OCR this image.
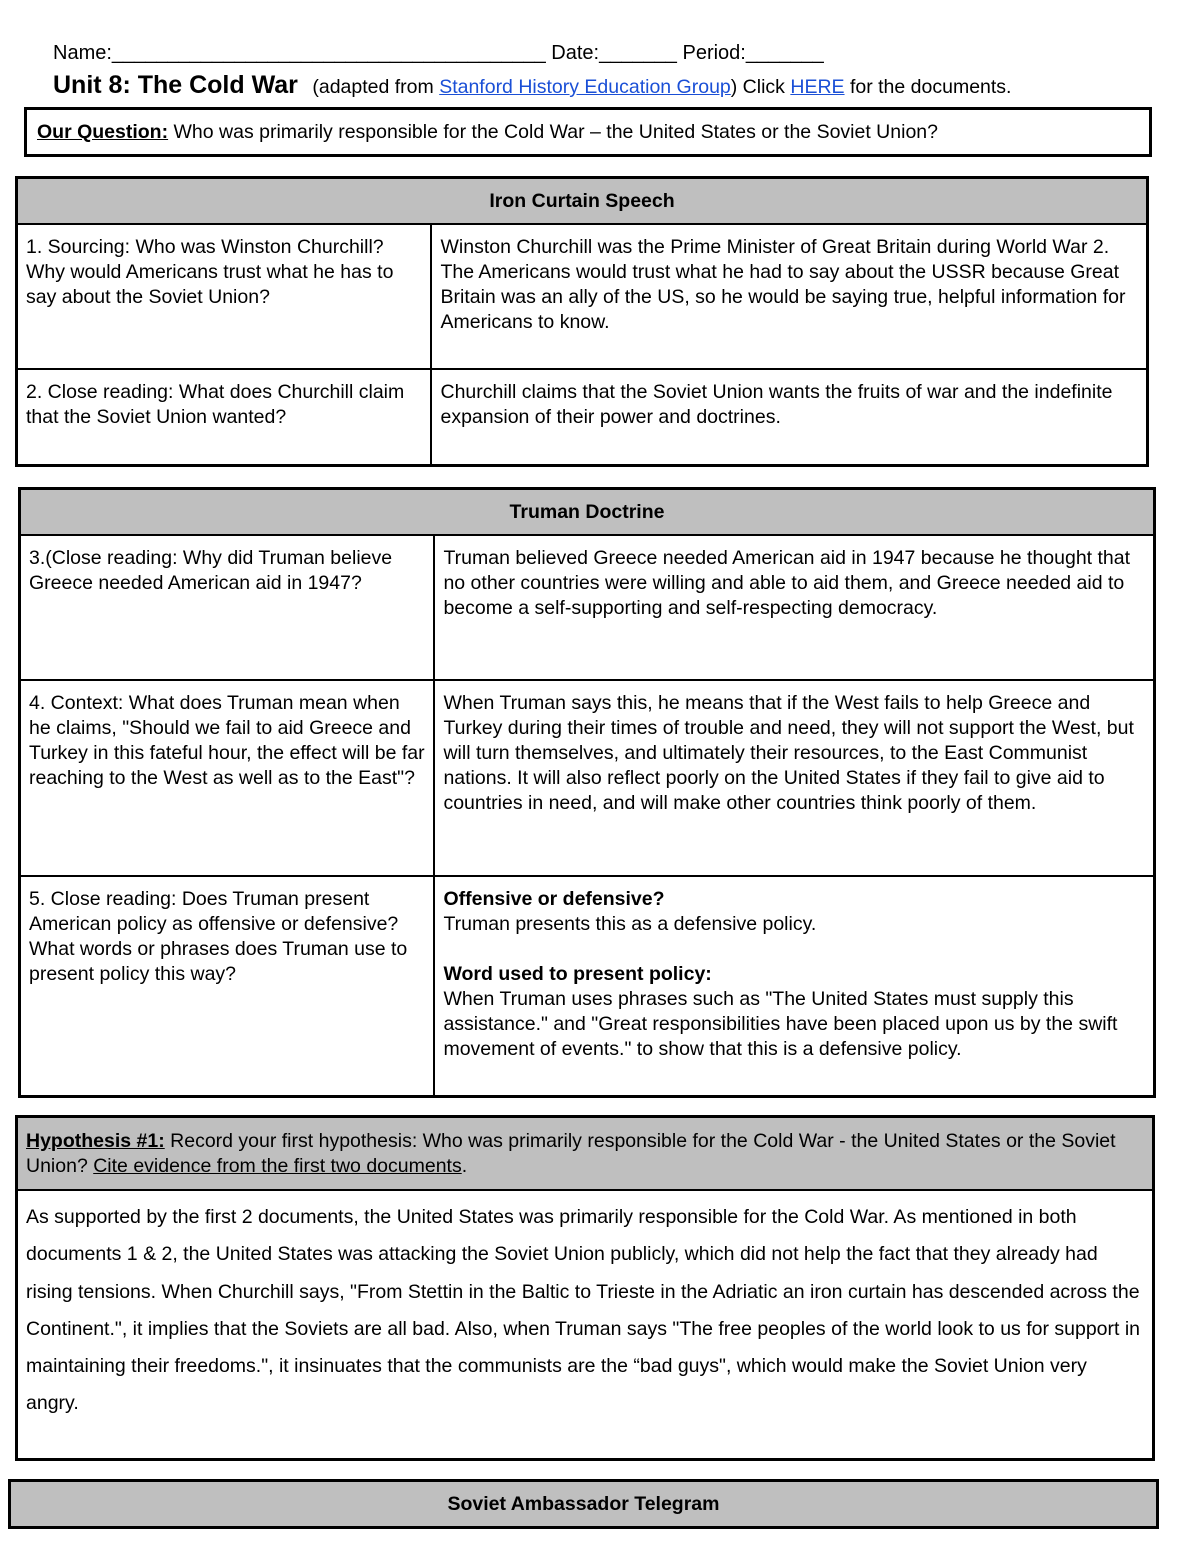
Name:_______________________________________ Date:_______ Period:_______
Unit 8: The Cold War (adapted from Stanford History Education Group) Click HERE for the documents.
Our Question: Who was primarily responsible for the Cold War – the United States or the Soviet Union?
Iron Curtain Speech	
1. Sourcing: Who was Winston Churchill? Why would Americans trust what he has to say about the Soviet Union?	Winston Churchill was the Prime Minister of Great Britain during World War 2. The Americans would trust what he had to say about the USSR because Great Britain was an ally of the US, so he would be saying true, helpful information for Americans to know.
2. Close reading: What does Churchill claim that the Soviet Union wanted?	Churchill claims that the Soviet Union wants the fruits of war and the indefinite expansion of their power and doctrines.
Truman Doctrine	
3.(Close reading: Why did Truman believe Greece needed American aid in 1947?	Truman believed Greece needed American aid in 1947 because he thought that no other countries were willing and able to aid them, and Greece needed aid to become a self-supporting and self-respecting democracy.
4. Context: What does Truman mean when he claims, "Should we fail to aid Greece and Turkey in this fateful hour, the effect will be far reaching to the West as well as to the East"?	When Truman says this, he means that if the West fails to help Greece and Turkey during their times of trouble and need, they will not support the West, but will turn themselves, and ultimately their resources, to the East Communist nations. It will also reflect poorly on the United States if they fail to give aid to countries in need, and will make other countries think poorly of them.
5. Close reading: Does Truman present American policy as offensive or defensive? What words or phrases does Truman use to present policy this way?	Offensive or defensive?
Truman presents this as a defensive policy.
Word used to present policy:
When Truman uses phrases such as "The United States must supply this assistance." and "Great responsibilities have been placed upon us by the swift movement of events." to show that this is a defensive policy.
Hypothesis #1: Record your first hypothesis: Who was primarily responsible for the Cold War - the United States or the Soviet Union? Cite evidence from the first two documents.
As supported by the first 2 documents, the United States was primarily responsible for the Cold War. As mentioned in both documents 1 & 2, the United States was attacking the Soviet Union publicly, which did not help the fact that they already had rising tensions. When Churchill says, "From Stettin in the Baltic to Trieste in the Adriatic an iron curtain has descended across the Continent.", it implies that the Soviets are all bad. Also, when Truman says "The free peoples of the world look to us for support in maintaining their freedoms.", it insinuates that the communists are the “bad guys", which would make the Soviet Union very angry.
Soviet Ambassador Telegram
